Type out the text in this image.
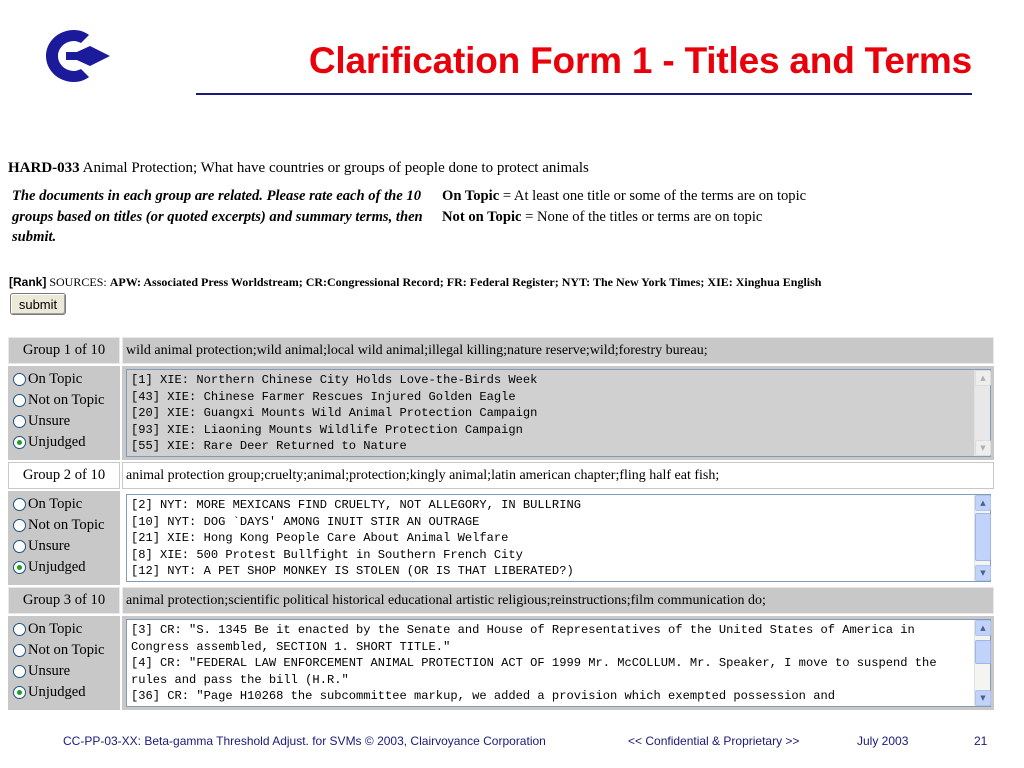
Clarification Form 1 - Titles and Terms
HARD-033 Animal Protection; What have countries or groups of people done to protect animals
The documents in each group are related. Please rate each of the 10 groups based on titles (or quoted excerpts) and summary terms, then submit.
On Topic = At least one title or some of the terms are on topic
Not on Topic = None of the titles or terms are on topic
[Rank] SOURCES: APW: Associated Press Worldstream; CR:Congressional Record; FR: Federal Register; NYT: The New York Times; XIE: Xinghua English
submit
Group 1 of 10	wild animal protection;wild animal;local wild animal;illegal killing;nature reserve;wild;forestry bureau;
On Topic
Not on Topic
Unsure
Unjudged
[1] XIE: Northern Chinese City Holds Love-the-Birds Week
[43] XIE: Chinese Farmer Rescues Injured Golden Eagle
[20] XIE: Guangxi Mounts Wild Animal Protection Campaign
[93] XIE: Liaoning Mounts Wildlife Protection Campaign
[55] XIE: Rare Deer Returned to Nature
▲
▼
Group 2 of 10	animal protection group;cruelty;animal;protection;kingly animal;latin american chapter;fling half eat fish;
On Topic
Not on Topic
Unsure
Unjudged
[2] NYT: MORE MEXICANS FIND CRUELTY, NOT ALLEGORY, IN BULLRING
[10] NYT: DOG `DAYS' AMONG INUIT STIR AN OUTRAGE
[21] XIE: Hong Kong People Care About Animal Welfare
[8] XIE: 500 Protest Bullfight in Southern French City
[12] NYT: A PET SHOP MONKEY IS STOLEN (OR IS THAT LIBERATED?)
▲
▼
Group 3 of 10	animal protection;scientific political historical educational artistic religious;reinstructions;film communication do;
On Topic
Not on Topic
Unsure
Unjudged
[3] CR: "S. 1345 Be it enacted by the Senate and House of Representatives of the United States of America in Congress assembled, SECTION 1. SHORT TITLE."
[4] CR: "FEDERAL LAW ENFORCEMENT ANIMAL PROTECTION ACT OF 1999 Mr. McCOLLUM. Mr. Speaker, I move to suspend the rules and pass the bill (H.R."
[36] CR: "Page H10268 the subcommittee markup, we added a provision which exempted possession and
▲
▼
CC-PP-03-XX: Beta-gamma Threshold Adjust. for SVMs © 2003, Clairvoyance Corporation	<< Confidential & Proprietary >>	July 2003	21
